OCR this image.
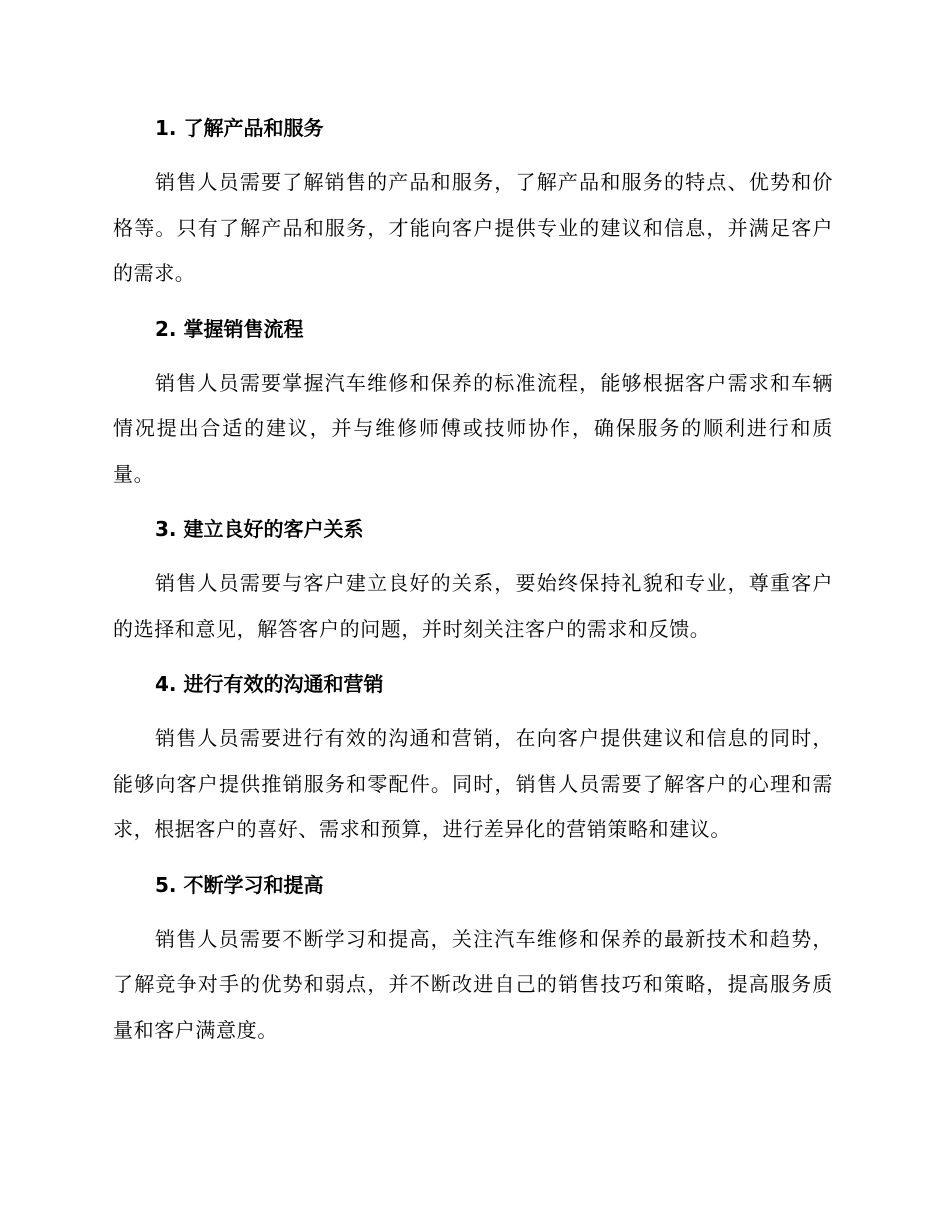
1. 了解产品和服务
销售人员需要了解销售的产品和服务，了解产品和服务的特点、优势和价格等。只有了解产品和服务，才能向客户提供专业的建议和信息，并满足客户的需求。
2. 掌握销售流程
销售人员需要掌握汽车维修和保养的标准流程，能够根据客户需求和车辆情况提出合适的建议，并与维修师傅或技师协作，确保服务的顺利进行和质量。
3. 建立良好的客户关系
销售人员需要与客户建立良好的关系，要始终保持礼貌和专业，尊重客户的选择和意见，解答客户的问题，并时刻关注客户的需求和反馈。
4. 进行有效的沟通和营销
销售人员需要进行有效的沟通和营销，在向客户提供建议和信息的同时，能够向客户提供推销服务和零配件。同时，销售人员需要了解客户的心理和需求，根据客户的喜好、需求和预算，进行差异化的营销策略和建议。
5. 不断学习和提高
销售人员需要不断学习和提高，关注汽车维修和保养的最新技术和趋势，了解竞争对手的优势和弱点，并不断改进自己的销售技巧和策略，提高服务质量和客户满意度。
